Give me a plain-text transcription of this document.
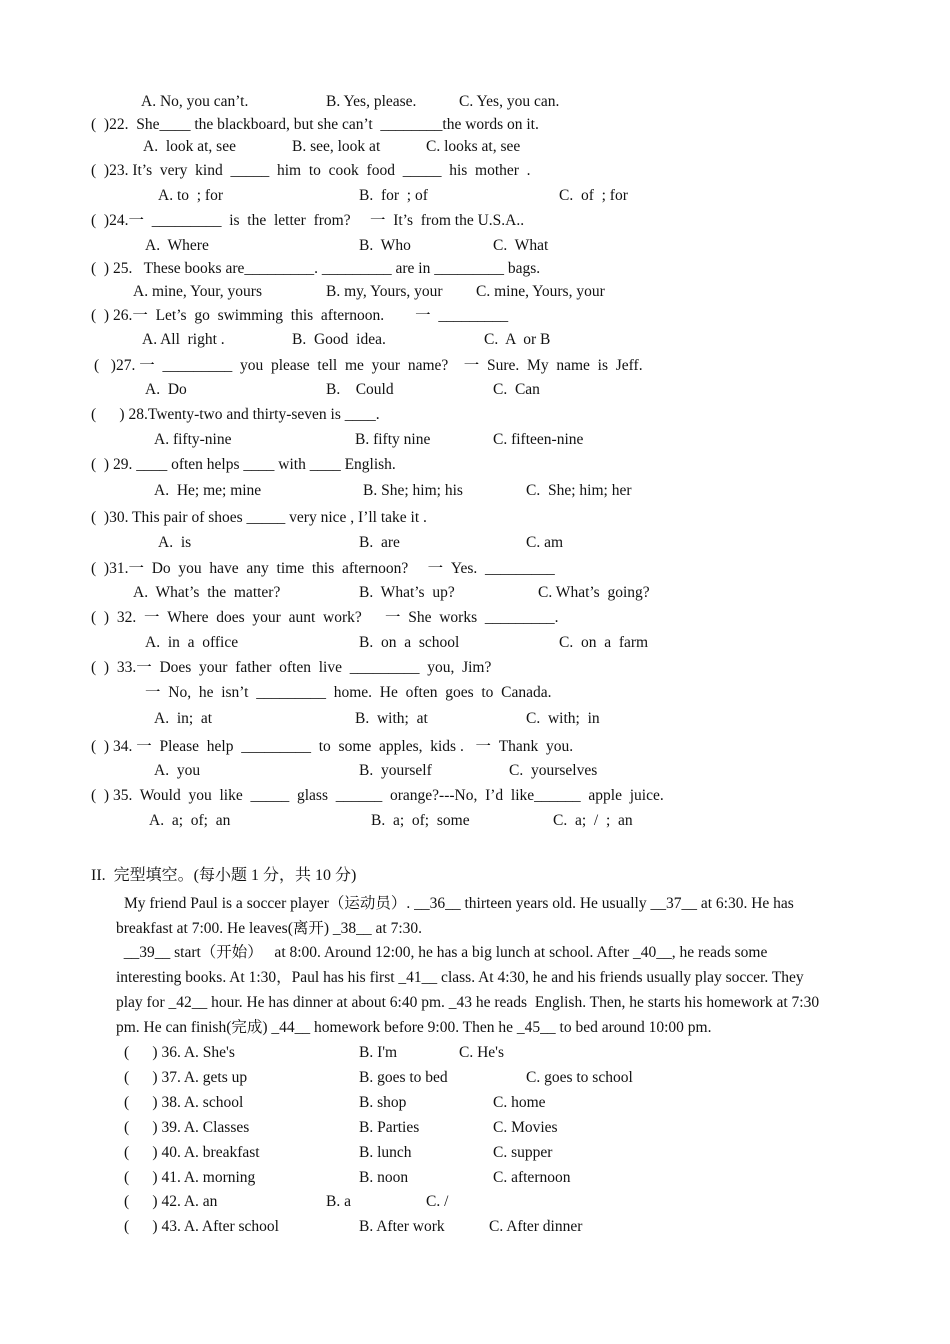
A. No, you can’t.	B. Yes, please.	C. Yes, you can.
(  )22.  She____ the blackboard, but she can’t  ________the words on it.
A.  look at, see	B. see, look at	C. looks at, see
(  )23. It’s  very  kind  _____  him  to  cook  food  _____  his  mother  .
A. to  ; for	B.  for  ; of	C.  of  ; for
(  )24.一  _________  is  the  letter  from?     一  It’s  from the U.S.A..
A.  Where	B.  Who	C.  What
(  ) 25.   These books are_________. _________ are in _________ bags.
A. mine, Your, yours	B. my, Yours, your C. mine, Yours, your
(  ) 26.一  Let’s  go  swimming  this  afternoon.        一  _________
A. All  right .	B.  Good  idea.	C.  A  or B
(   )27. 一  _________  you  please  tell  me  your  name?    一  Sure.  My  name  is  Jeff.
A.  Do	B.    Could	C.  Can
(      ) 28.Twenty-two and thirty-seven is ____.
A. fifty-nine	B. fifty nine	C. fifteen-nine
(  ) 29. ____ often helps ____ with ____ English.
A.  He; me; mine	B. She; him; his	C.  She; him; her
(  )30. This pair of shoes _____ very nice , I’ll take it .
A.  is	B.  are	C. am
(  )31.一  Do  you  have  any  time  this  afternoon?     一  Yes.  _________
A.  What’s  the  matter?	B.  What’s  up?	C. What’s  going?
(  )  32.  一  Where  does  your  aunt  work?      一  She  works  _________.
A.  in  a  office	B.  on  a  school	C.  on  a  farm
(  )  33.一  Does  your  father  often  live  _________  you,  Jim?
一  No,  he  isn’t  _________  home.  He  often  goes  to  Canada.
A.  in;  at	B.  with;  at	C.  with;  in
(  ) 34. 一  Please  help  _________  to  some  apples,  kids .   一  Thank  you.
A.  you	B.  yourself	C.  yourselves
(  ) 35.  Would  you  like  _____  glass  ______  orange?---No,  I’d  like______  apple  juice.
A.  a;  of;  an	B.  a;  of;  some	C.  a;  /  ;  an
II.  完型填空。(每小题 1 分，共 10 分)
My friend Paul is a soccer player（运动员）. __36__ thirteen years old. He usually __37__ at 6:30. He has
breakfast at 7:00. He leaves(离开) _38__ at 7:30.
__39__ start（开始）   at 8:00. Around 12:00, he has a big lunch at school. After _40__, he reads some
interesting books. At 1:30，Paul has his first _41__ class. At 4:30, he and his friends usually play soccer. They
play for _42__ hour. He has dinner at about 6:40 pm. _43 he reads  English. Then, he starts his homework at 7:30
pm. He can finish(完成) _44__ homework before 9:00. Then he _45__ to bed around 10:00 pm.
(      ) 36. A. She's	B. I'm	C. He's
(      ) 37. A. gets up	B. goes to bed	C. goes to school
(      ) 38. A. school	B. shop	C. home
(      ) 39. A. Classes	B. Parties	C. Movies
(      ) 40. A. breakfast	B. lunch	C. supper
(      ) 41. A. morning	B. noon	C. afternoon
(      ) 42. A. an	B. a	C. /
(      ) 43. A. After school	B. After work	C. After dinner
